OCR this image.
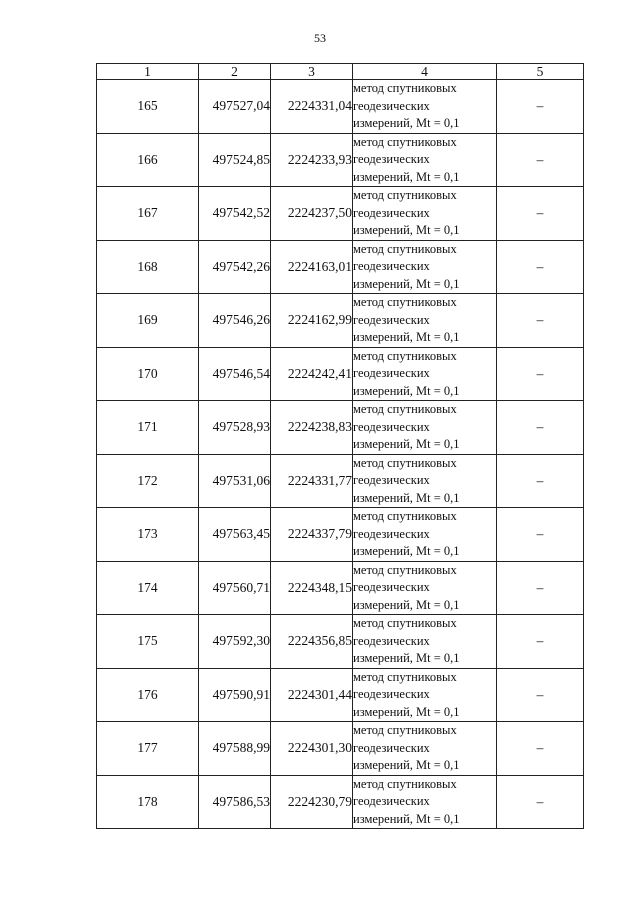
53
1	2	3	4	5
165	497527,04	2224331,04	метод спутниковых
геодезических
измерений, Mt = 0,1	–
166	497524,85	2224233,93	метод спутниковых
геодезических
измерений, Mt = 0,1	–
167	497542,52	2224237,50	метод спутниковых
геодезических
измерений, Mt = 0,1	–
168	497542,26	2224163,01	метод спутниковых
геодезических
измерений, Mt = 0,1	–
169	497546,26	2224162,99	метод спутниковых
геодезических
измерений, Mt = 0,1	–
170	497546,54	2224242,41	метод спутниковых
геодезических
измерений, Mt = 0,1	–
171	497528,93	2224238,83	метод спутниковых
геодезических
измерений, Mt = 0,1	–
172	497531,06	2224331,77	метод спутниковых
геодезических
измерений, Mt = 0,1	–
173	497563,45	2224337,79	метод спутниковых
геодезических
измерений, Mt = 0,1	–
174	497560,71	2224348,15	метод спутниковых
геодезических
измерений, Mt = 0,1	–
175	497592,30	2224356,85	метод спутниковых
геодезических
измерений, Mt = 0,1	–
176	497590,91	2224301,44	метод спутниковых
геодезических
измерений, Mt = 0,1	–
177	497588,99	2224301,30	метод спутниковых
геодезических
измерений, Mt = 0,1	–
178	497586,53	2224230,79	метод спутниковых
геодезических
измерений, Mt = 0,1	–
